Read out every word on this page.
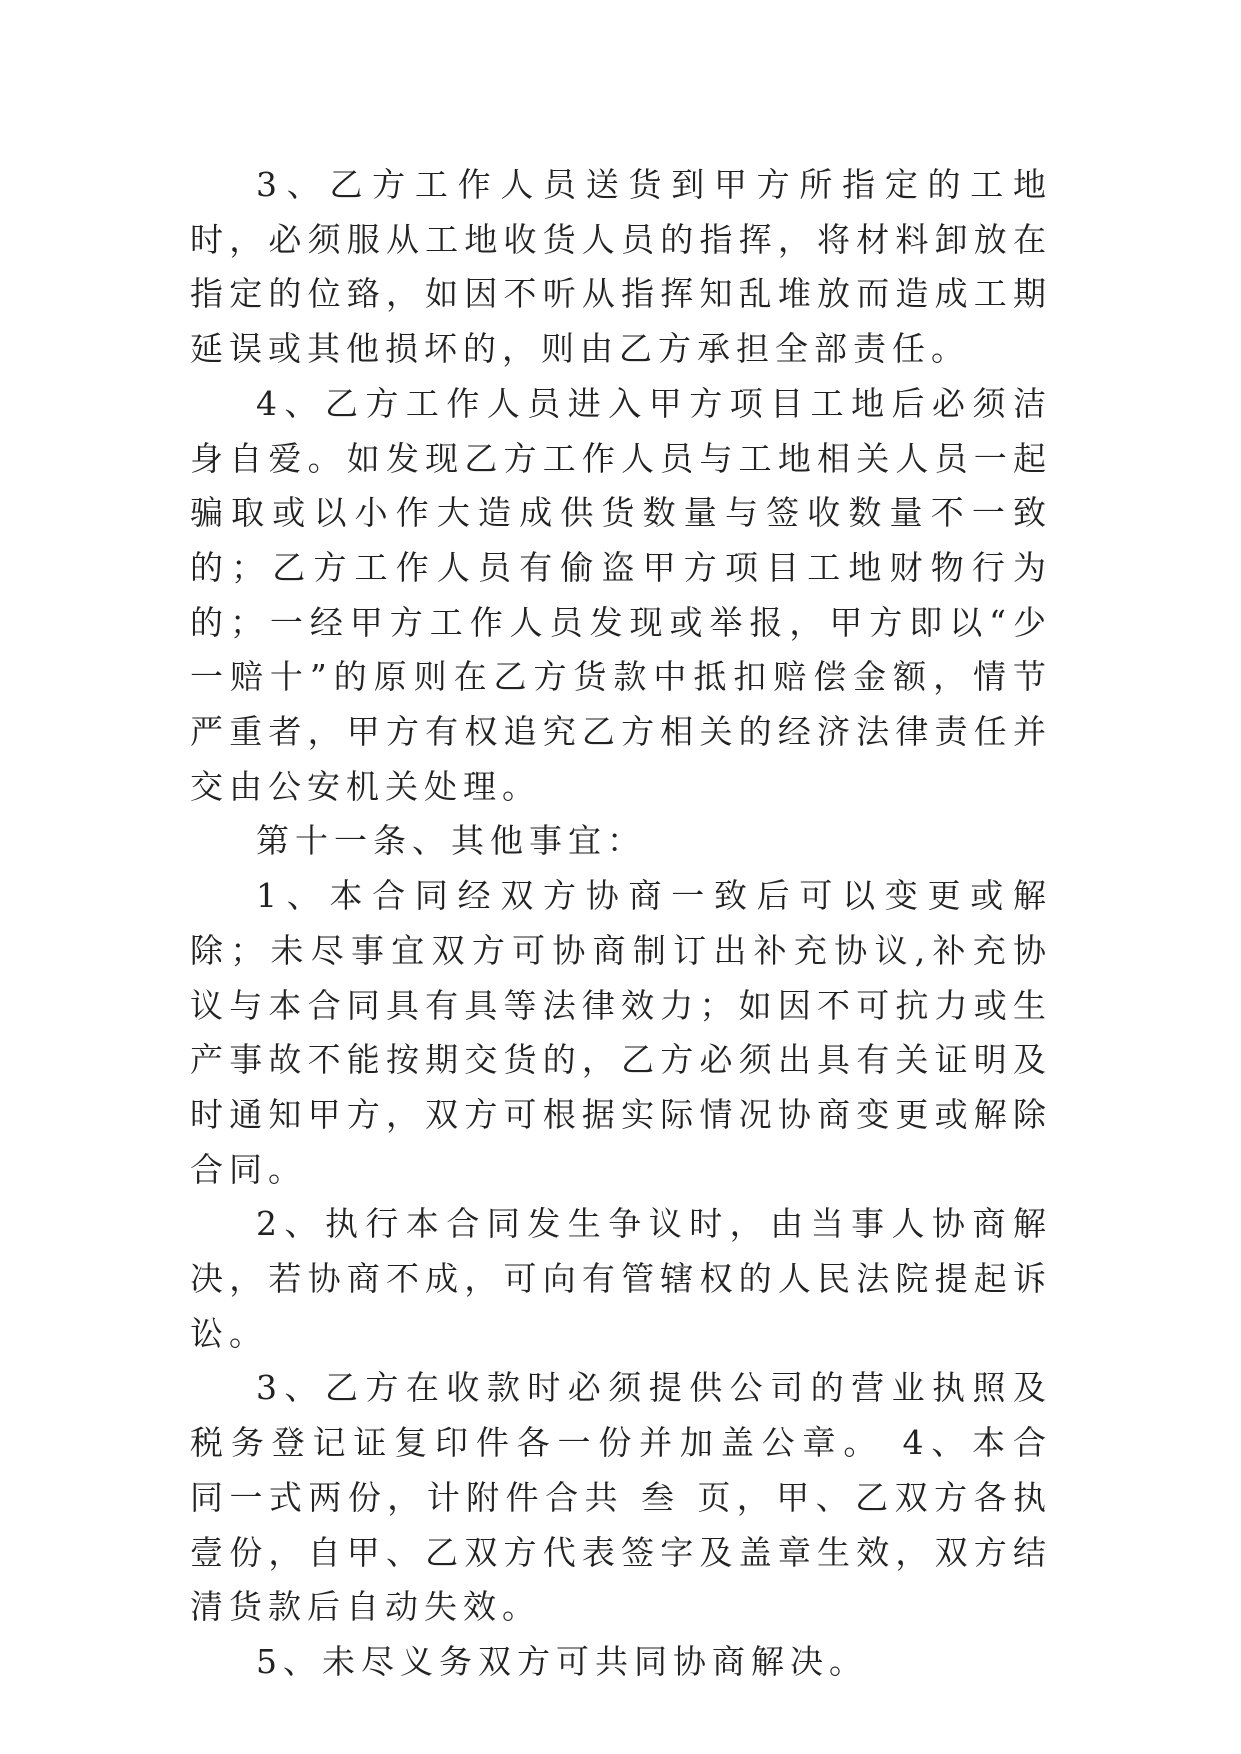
3、乙方工作人员送货到甲方所指定的工地时，必须服从工地收货人员的指挥，将材料卸放在指定的位臵，如因不听从指挥知乱堆放而造成工期延误或其他损坏的，则由乙方承担全部责任。

4、乙方工作人员进入甲方项目工地后必须洁身自爱。如发现乙方工作人员与工地相关人员一起骗取或以小作大造成供货数量与签收数量不一致的；乙方工作人员有偷盗甲方项目工地财物行为的；一经甲方工作人员发现或举报，甲方即以“少一赔十”的原则在乙方货款中抵扣赔偿金额，情节严重者，甲方有权追究乙方相关的经济法律责任并交由公安机关处理。

第十一条、其他事宜：

1、本合同经双方协商一致后可以变更或解除；未尽事宜双方可协商制订出补充协议,补充协议与本合同具有具等法律效力；如因不可抗力或生产事故不能按期交货的，乙方必须出具有关证明及时通知甲方，双方可根据实际情况协商变更或解除合同。

2、执行本合同发生争议时，由当事人协商解决，若协商不成，可向有管辖权的人民法院提起诉讼。

3、乙方在收款时必须提供公司的营业执照及税务登记证复印件各一份并加盖公章。 4、本合同一式两份，计附件合共 叁 页，甲、乙双方各执壹份，自甲、乙双方代表签字及盖章生效，双方结清货款后自动失效。

5、未尽义务双方可共同协商解决。
